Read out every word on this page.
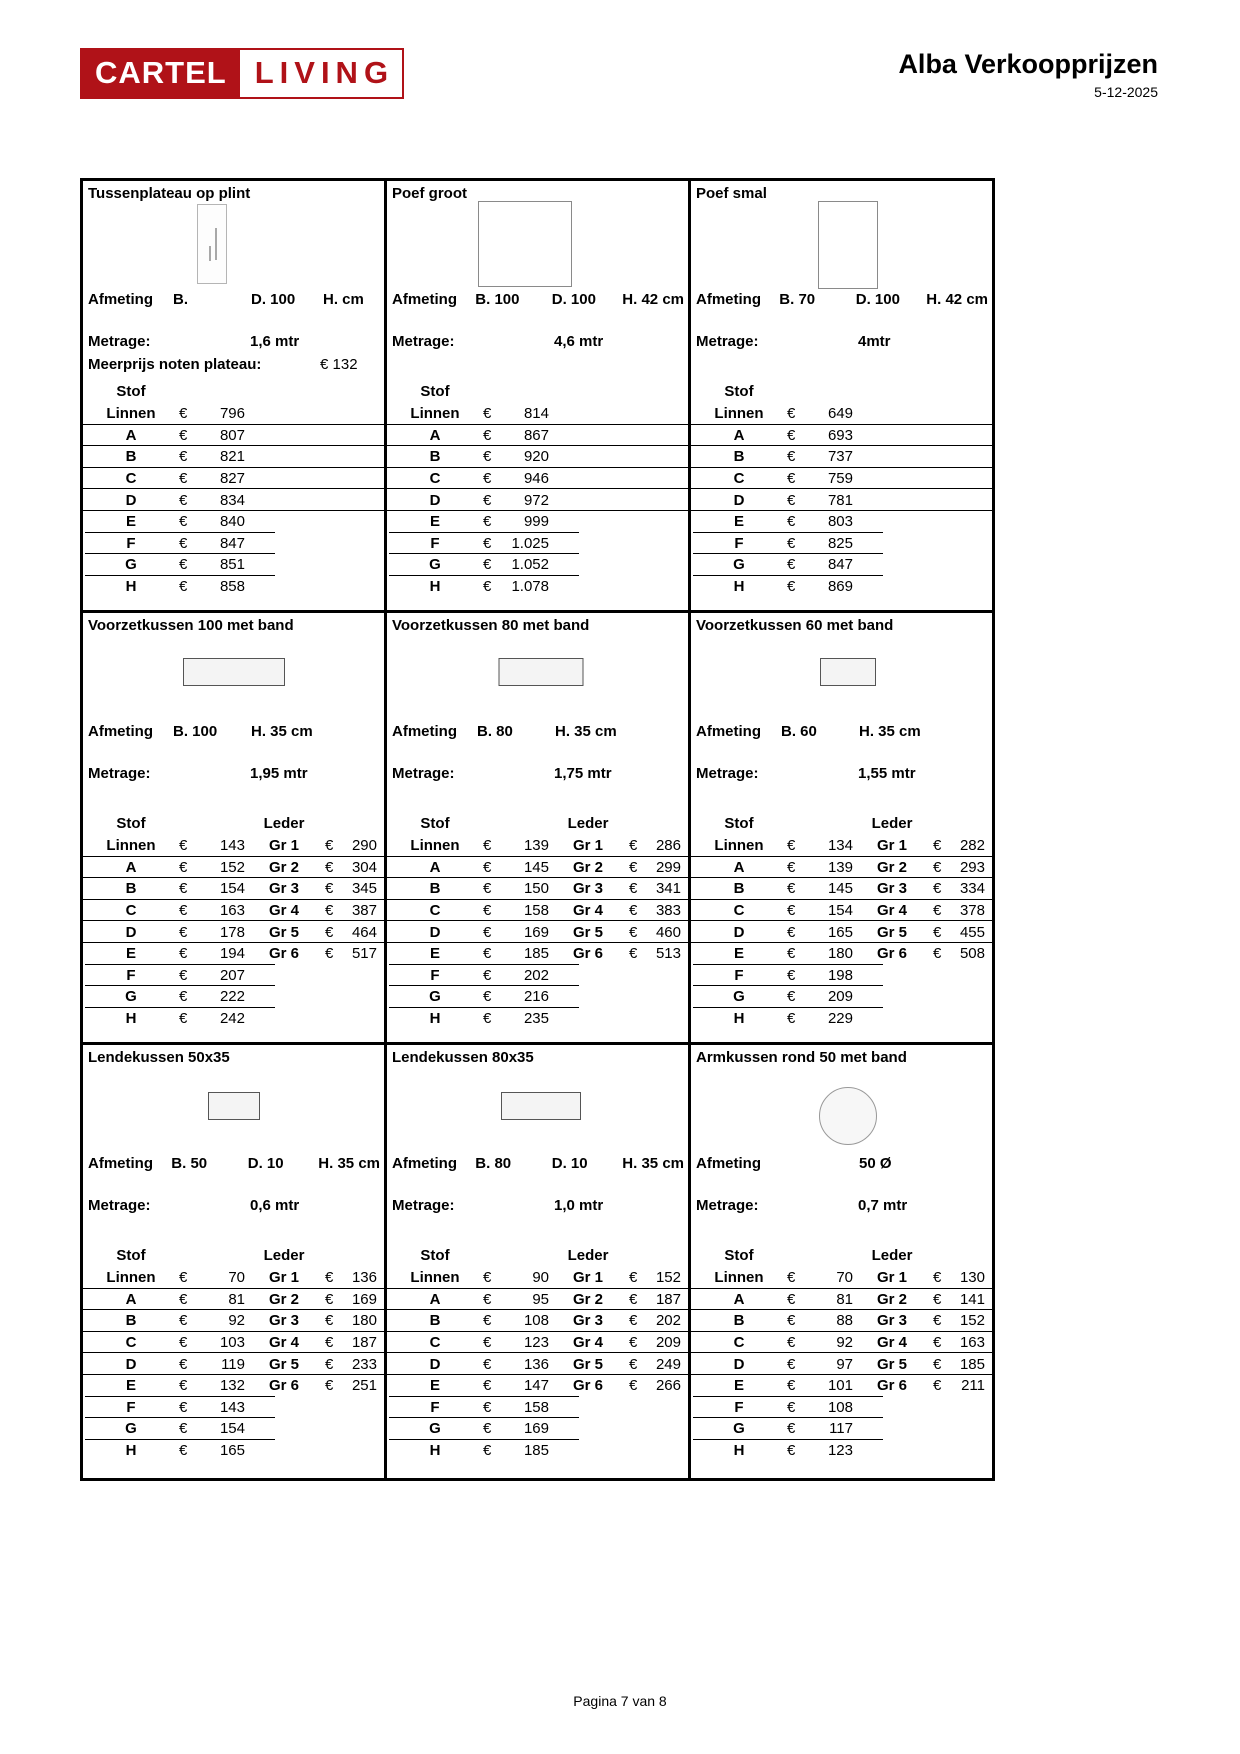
CARTEL LIVING	Alba Verkoopprijzen
5-12-2025
Tussenplateau op plint
Afmeting	B.	D. 100	H. cm
Metrage:	1,6 mtr
Meerprijs noten plateau:	€ 132
Stof
Linnen	€	796
A	€	807
B	€	821
C	€	827
D	€	834
E	€	840
F	€	847
G	€	851
H	€	858
Poef groot
Afmeting	B. 100	D. 100	H. 42 cm
Metrage:	4,6 mtr
Stof
Linnen	€	814
A	€	867
B	€	920
C	€	946
D	€	972
E	€	999
F	€	1.025
G	€	1.052
H	€	1.078
Poef smal
Afmeting	B. 70	D. 100	H. 42 cm
Metrage:	4mtr
Stof
Linnen	€	649
A	€	693
B	€	737
C	€	759
D	€	781
E	€	803
F	€	825
G	€	847
H	€	869
Voorzetkussen 100 met band
Afmeting	B. 100	H. 35 cm
Metrage:	1,95 mtr
Stof	Leder
Linnen	€	143	Gr 1	€	290
A	€	152	Gr 2	€	304
B	€	154	Gr 3	€	345
C	€	163	Gr 4	€	387
D	€	178	Gr 5	€	464
E	€	194	Gr 6	€	517
F	€	207
G	€	222
H	€	242
Voorzetkussen 80 met band
Afmeting	B. 80	H. 35 cm
Metrage:	1,75 mtr
Stof	Leder
Linnen	€	139	Gr 1	€	286
A	€	145	Gr 2	€	299
B	€	150	Gr 3	€	341
C	€	158	Gr 4	€	383
D	€	169	Gr 5	€	460
E	€	185	Gr 6	€	513
F	€	202
G	€	216
H	€	235
Voorzetkussen 60 met band
Afmeting	B. 60	H. 35 cm
Metrage:	1,55 mtr
Stof	Leder
Linnen	€	134	Gr 1	€	282
A	€	139	Gr 2	€	293
B	€	145	Gr 3	€	334
C	€	154	Gr 4	€	378
D	€	165	Gr 5	€	455
E	€	180	Gr 6	€	508
F	€	198
G	€	209
H	€	229
Lendekussen 50x35
Afmeting	B. 50	D. 10	H. 35 cm
Metrage:	0,6 mtr
Stof	Leder
Linnen	€	70	Gr 1	€	136
A	€	81	Gr 2	€	169
B	€	92	Gr 3	€	180
C	€	103	Gr 4	€	187
D	€	119	Gr 5	€	233
E	€	132	Gr 6	€	251
F	€	143
G	€	154
H	€	165
Lendekussen 80x35
Afmeting	B. 80	D. 10	H. 35 cm
Metrage:	1,0 mtr
Stof	Leder
Linnen	€	90	Gr 1	€	152
A	€	95	Gr 2	€	187
B	€	108	Gr 3	€	202
C	€	123	Gr 4	€	209
D	€	136	Gr 5	€	249
E	€	147	Gr 6	€	266
F	€	158
G	€	169
H	€	185
Armkussen rond 50 met band
Afmeting	50 Ø
Metrage:	0,7 mtr
Stof	Leder
Linnen	€	70	Gr 1	€	130
A	€	81	Gr 2	€	141
B	€	88	Gr 3	€	152
C	€	92	Gr 4	€	163
D	€	97	Gr 5	€	185
E	€	101	Gr 6	€	211
F	€	108
G	€	117
H	€	123
Pagina 7 van 8
